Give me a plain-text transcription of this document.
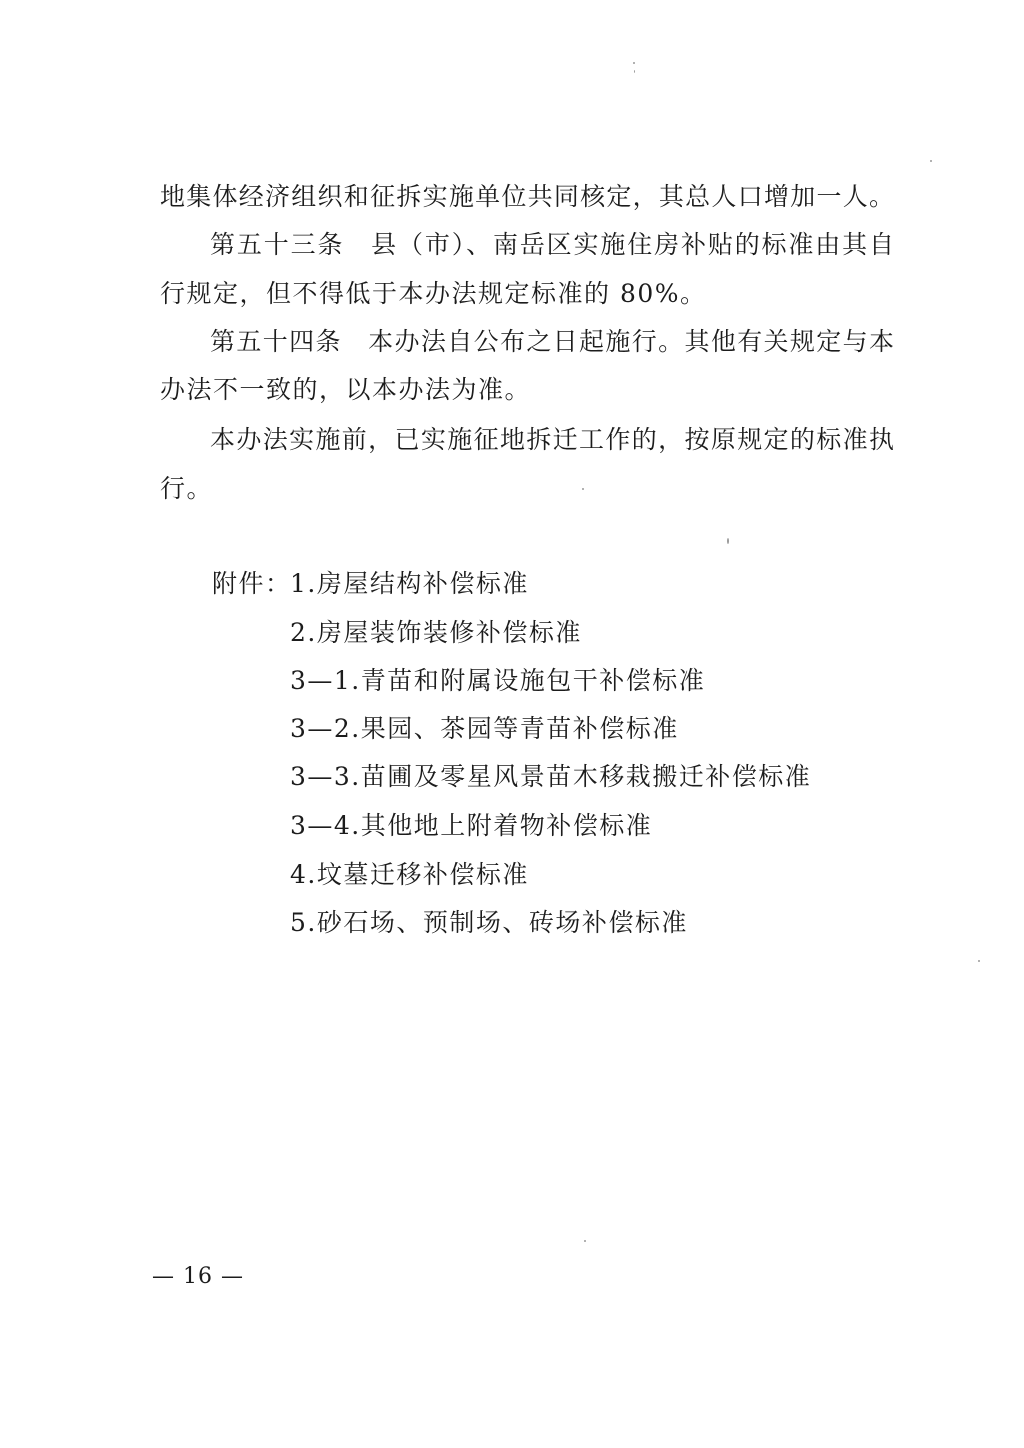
地集体经济组织和征拆实施单位共同核定，其总人口增加一人。
第五十三条　县（市）、南岳区实施住房补贴的标准由其自
行规定，但不得低于本办法规定标准的 80%。
第五十四条　本办法自公布之日起施行。其他有关规定与本
办法不一致的，以本办法为准。
本办法实施前，已实施征地拆迁工作的，按原规定的标准执
行。
附件：
1.房屋结构补偿标准
2.房屋装饰装修补偿标准
3—1.青苗和附属设施包干补偿标准
3—2.果园、茶园等青苗补偿标准
3—3.苗圃及零星风景苗木移栽搬迁补偿标准
3—4.其他地上附着物补偿标准
4.坟墓迁移补偿标准
5.砂石场、预制场、砖场补偿标准
— 16 —
